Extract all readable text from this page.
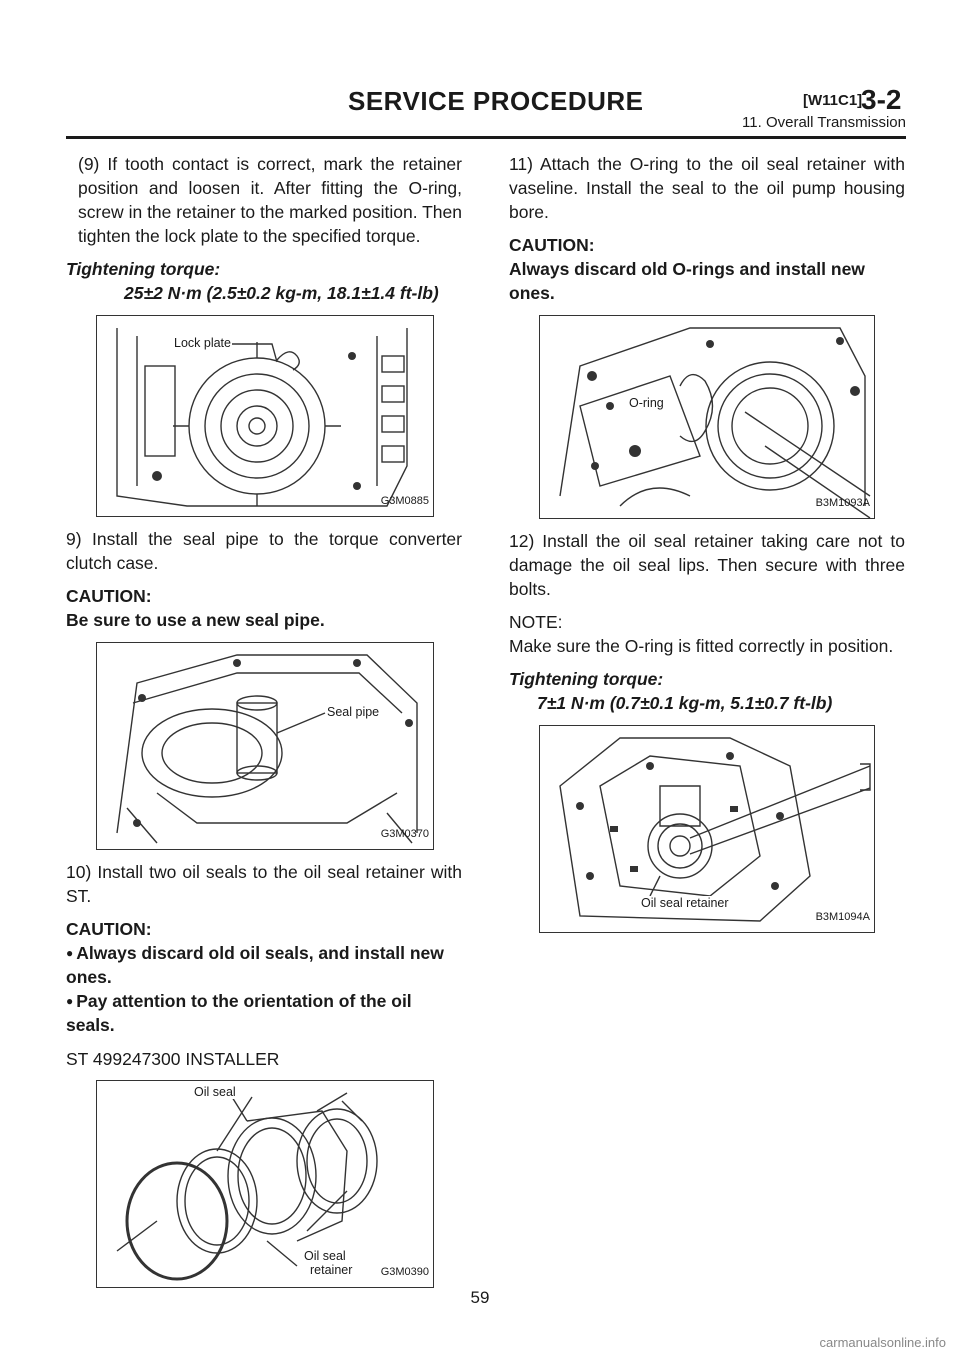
SERVICE PROCEDURE	[W11C1]
3-2
11. Overall Transmission

(9) If tooth contact is correct, mark the retainer position and loosen it. After fitting the O-ring, screw in the retainer to the marked position. Then tighten the lock plate to the specified torque.

Tightening torque:
25±2 N·m (2.5±0.2 kg-m, 18.1±1.4 ft-lb)
Lock plate
G3M0885

9) Install the seal pipe to the torque converter clutch case.

CAUTION:
Be sure to use a new seal pipe.
Seal pipe
G3M0370

10) Install two oil seals to the oil seal retainer with ST.

CAUTION:
● Always discard old oil seals, and install new ones.
● Pay attention to the orientation of the oil seals.

ST 499247300 INSTALLER

Oil seal
Oil seal
retainer	G3M0390

11) Attach the O-ring to the oil seal retainer with vaseline. Install the seal to the oil pump housing bore.

CAUTION:
Always discard old O-rings and install new ones.
O-ring
B3M1093A

12) Install the oil seal retainer taking care not to damage the oil seal lips. Then secure with three bolts.

NOTE:

Make sure the O-ring is fitted correctly in position.

Tightening torque:
7±1 N·m (0.7±0.1 kg-m, 5.1±0.7 ft-lb)
Oil seal retainer
B3M1094A
59
carmanualsonline.info
